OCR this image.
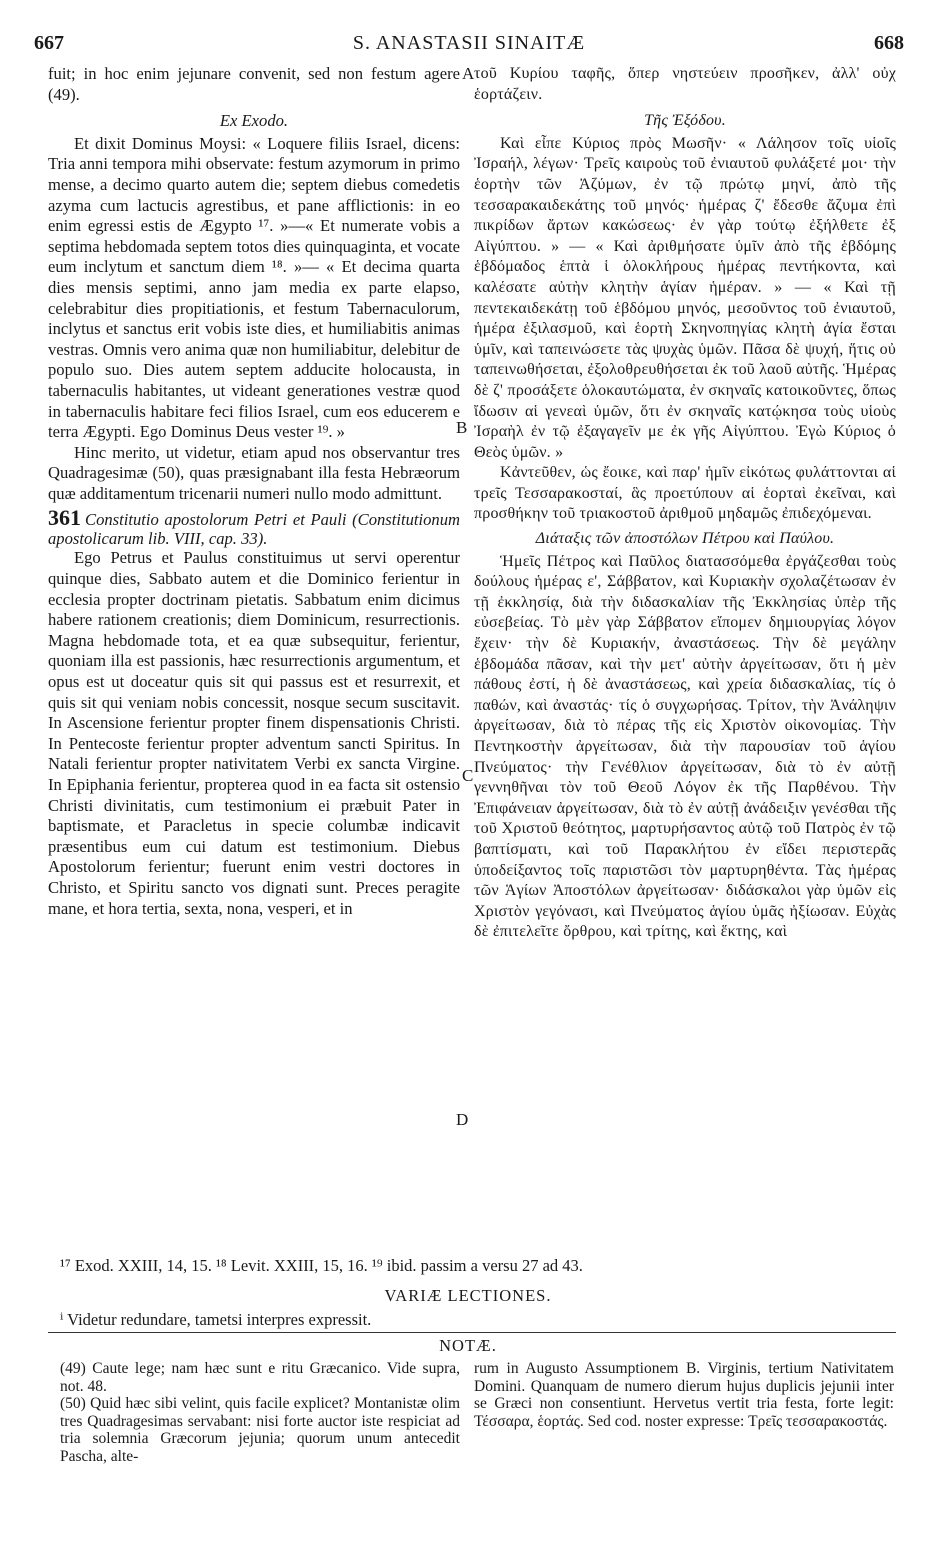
667	S. ANASTASII SINAITÆ	668

fuit; in hoc enim jejunare convenit, sed non festum agere (49).

Ex Exodo.

Et dixit Dominus Moysi: « Loquere filiis Israel, dicens: Tria anni tempora mihi observate: festum azymorum in primo mense, a decimo quarto autem die; septem diebus comedetis azyma cum lactucis agrestibus, et pane afflictionis: in eo enim egressi estis de Ægypto ¹⁷. »—« Et numerate vobis a septima hebdomada septem totos dies quinquaginta, et vocate eum inclytum et sanctum diem ¹⁸. »— « Et decima quarta dies mensis septimi, anno jam media ex parte elapso, celebrabitur dies propitiationis, et festum Tabernaculorum, inclytus et sanctus erit vobis iste dies, et humiliabitis animas vestras. Omnis vero anima quæ non humiliabitur, delebitur de populo suo. Dies autem septem adducite holocausta, in tabernaculis habitantes, ut videant generationes vestræ quod in tabernaculis habitare feci filios Israel, cum eos educerem e terra Ægypti. Ego Dominus Deus vester ¹⁹. »

Hinc merito, ut videtur, etiam apud nos observantur tres Quadragesimæ (50), quas præsignabant illa festa Hebræorum quæ additamentum tricenarii numeri nullo modo admittunt.

361 Constitutio apostolorum Petri et Pauli (Constitutionum apostolicarum lib. VIII, cap. 33).

Ego Petrus et Paulus constituimus ut servi operentur quinque dies, Sabbato autem et die Dominico ferientur in ecclesia propter doctrinam pietatis. Sabbatum enim dicimus habere rationem creationis; diem Dominicum, resurrectionis. Magna hebdomade tota, et ea quæ subsequitur, ferientur, quoniam illa est passionis, hæc resurrectionis argumentum, et opus est ut doceatur quis sit qui passus est et resurrexit, et quis sit qui veniam nobis concessit, nosque secum suscitavit. In Ascensione ferientur propter finem dispensationis Christi. In Pentecoste ferientur propter adventum sancti Spiritus. In Natali ferientur propter nativitatem Verbi ex sancta Virgine. In Epiphania ferientur, propterea quod in ea facta sit ostensio Christi divinitatis, cum testimonium ei præbuit Pater in baptismate, et Paracletus in specie columbæ indicavit præsentibus eum cui datum est testimonium. Diebus Apostolorum ferientur; fuerunt enim vestri doctores in Christo, et Spiritu sancto vos dignati sunt. Preces peragite mane, et hora tertia, sexta, nona, vesperi, et in

A
B
C
D

τοῦ Κυρίου ταφῆς, ὅπερ νηστεύειν προσῆκεν, ἀλλ' οὐχ ἑορτάζειν.

Τῆς Ἐξόδου.

Καὶ εἶπε Κύριος πρὸς Μωσῆν· « Λάλησον τοῖς υἱοῖς Ἰσραήλ, λέγων· Τρεῖς καιροὺς τοῦ ἐνιαυτοῦ φυλάξετέ μοι· τὴν ἑορτὴν τῶν Ἀζύμων, ἐν τῷ πρώτῳ μηνί, ἀπὸ τῆς τεσσαρακαιδεκάτης τοῦ μηνός· ἡμέρας ζ' ἔδεσθε ἄζυμα ἐπὶ πικρίδων ἄρτων κακώσεως· ἐν γὰρ τούτῳ ἐξήλθετε ἐξ Αἰγύπτου. » — « Καὶ ἀριθμήσατε ὑμῖν ἀπὸ τῆς ἑβδόμης ἑβδόμαδος ἑπτὰ ἱ ὁλοκλήρους ἡμέρας πεντήκοντα, καὶ καλέσατε αὐτὴν κλητὴν ἁγίαν ἡμέραν. » — « Καὶ τῇ πεντεκαιδεκάτῃ τοῦ ἑβδόμου μηνός, μεσοῦντος τοῦ ἐνιαυτοῦ, ἡμέρα ἐξιλασμοῦ, καὶ ἑορτὴ Σκηνοπηγίας κλητὴ ἁγία ἔσται ὑμῖν, καὶ ταπεινώσετε τὰς ψυχὰς ὑμῶν. Πᾶσα δὲ ψυχή, ἥτις οὐ ταπεινωθήσεται, ἐξολοθρευθήσεται ἐκ τοῦ λαοῦ αὐτῆς. Ἡμέρας δὲ ζ' προσάξετε ὁλοκαυτώματα, ἐν σκηναῖς κατοικοῦντες, ὅπως ἴδωσιν αἱ γενεαὶ ὑμῶν, ὅτι ἐν σκηναῖς κατῴκησα τοὺς υἱοὺς Ἰσραὴλ ἐν τῷ ἐξαγαγεῖν με ἐκ γῆς Αἰγύπτου. Ἐγὼ Κύριος ὁ Θεὸς ὑμῶν. »

Κἀντεῦθεν, ὡς ἔοικε, καὶ παρ' ἡμῖν εἰκότως φυλάττονται αἱ τρεῖς Τεσσαρακοσταί, ἃς προετύπουν αἱ ἑορταὶ ἐκεῖναι, καὶ προσθήκην τοῦ τριακοστοῦ ἀριθμοῦ μηδαμῶς ἐπιδεχόμεναι.

Διάταξις τῶν ἀποστόλων Πέτρου καὶ Παύλου.

Ἡμεῖς Πέτρος καὶ Παῦλος διατασσόμεθα ἐργάζεσθαι τοὺς δούλους ἡμέρας ε', Σάββατον, καὶ Κυριακὴν σχολαζέτωσαν ἐν τῇ ἐκκλησίᾳ, διὰ τὴν διδασκαλίαν τῆς Ἐκκλησίας ὑπὲρ τῆς εὐσεβείας. Τὸ μὲν γὰρ Σάββατον εἴπομεν δημιουργίας λόγον ἔχειν· τὴν δὲ Κυριακήν, ἀναστάσεως. Τὴν δὲ μεγάλην ἑβδομάδα πᾶσαν, καὶ τὴν μετ' αὐτὴν ἀργείτωσαν, ὅτι ἡ μὲν πάθους ἐστί, ἡ δὲ ἀναστάσεως, καὶ χρεία διδασκαλίας, τίς ὁ παθών, καὶ ἀναστάς· τίς ὁ συγχωρήσας. Τρίτον, τὴν Ἀνάληψιν ἀργείτωσαν, διὰ τὸ πέρας τῆς εἰς Χριστὸν οἰκονομίας. Τὴν Πεντηκοστὴν ἀργείτωσαν, διὰ τὴν παρουσίαν τοῦ ἁγίου Πνεύματος· τὴν Γενέθλιον ἀργείτωσαν, διὰ τὸ ἐν αὐτῇ γεννηθῆναι τὸν τοῦ Θεοῦ Λόγον ἐκ τῆς Παρθένου. Τὴν Ἐπιφάνειαν ἀργείτωσαν, διὰ τὸ ἐν αὐτῇ ἀνάδειξιν γενέσθαι τῆς τοῦ Χριστοῦ θεότητος, μαρτυρήσαντος αὐτῷ τοῦ Πατρὸς ἐν τῷ βαπτίσματι, καὶ τοῦ Παρακλήτου ἐν εἴδει περιστερᾶς ὑποδείξαντος τοῖς παριστῶσι τὸν μαρτυρηθέντα. Τὰς ἡμέρας τῶν Ἁγίων Ἀποστόλων ἀργείτωσαν· διδάσκαλοι γὰρ ὑμῶν εἰς Χριστὸν γεγόνασι, καὶ Πνεύματος ἁγίου ὑμᾶς ἠξίωσαν. Εὐχὰς δὲ ἐπιτελεῖτε ὄρθρου, καὶ τρίτης, καὶ ἕκτης, καὶ

¹⁷ Exod. XXIII, 14, 15. ¹⁸ Levit. XXIII, 15, 16. ¹⁹ ibid. passim a versu 27 ad 43.
VARIÆ LECTIONES.
ⁱ Videtur redundare, tametsi interpres expressit.
NOTÆ.
(49) Caute lege; nam hæc sunt e ritu Græcanico. Vide supra, not. 48.
(50) Quid hæc sibi velint, quis facile explicet? Montanistæ olim tres Quadragesimas servabant: nisi forte auctor iste respiciat ad tria solemnia Græcorum jejunia; quorum unum antecedit Pascha, alte-
rum in Augusto Assumptionem B. Virginis, tertium Nativitatem Domini. Quanquam de numero dierum hujus duplicis jejunii inter se Græci non consentiunt. Hervetus vertit tria festa, forte legit: Τέσσαρα, ἑορτάς. Sed cod. noster expresse: Τρεῖς τεσσαρακοστάς.
